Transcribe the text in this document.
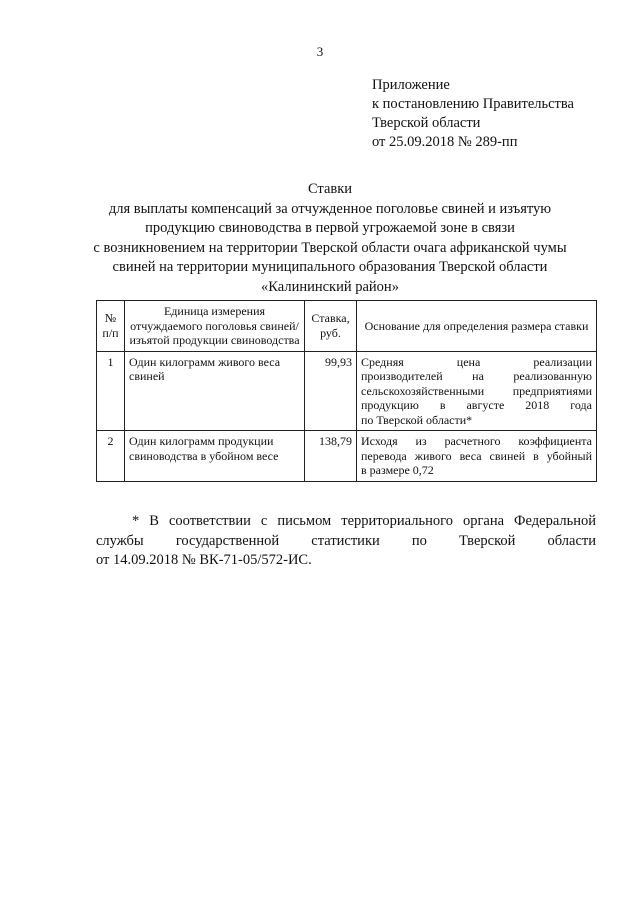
3
Приложение
к постановлению Правительства
Тверской области
от 25.09.2018 № 289-пп
Ставки
для выплаты компенсаций за отчужденное поголовье свиней и изъятую
продукцию свиноводства в первой угрожаемой зоне в связи
с возникновением на территории Тверской области очага африканской чумы
свиней на территории муниципального образования Тверской области
«Калининский район»
№ п/п	Единица измерения отчуждаемого поголовья свиней/изъятой продукции свиноводства	Ставка, руб.	Основание для определения размера ставки
1	Один килограмм живого веса свиней	99,93	Средняя цена реализации
производителей на реализованную
сельскохозяйственными предприятиями
продукцию в августе 2018 года
по Тверской области*

2	Один килограмм продукции свиноводства в убойном весе	138,79	Исходя из расчетного коэффициента
перевода живого веса свиней в убойный
в размере 0,72
* В соответствии с письмом территориального органа Федеральной
службы государственной статистики по Тверской области
от 14.09.2018 № ВК-71-05/572-ИС.
